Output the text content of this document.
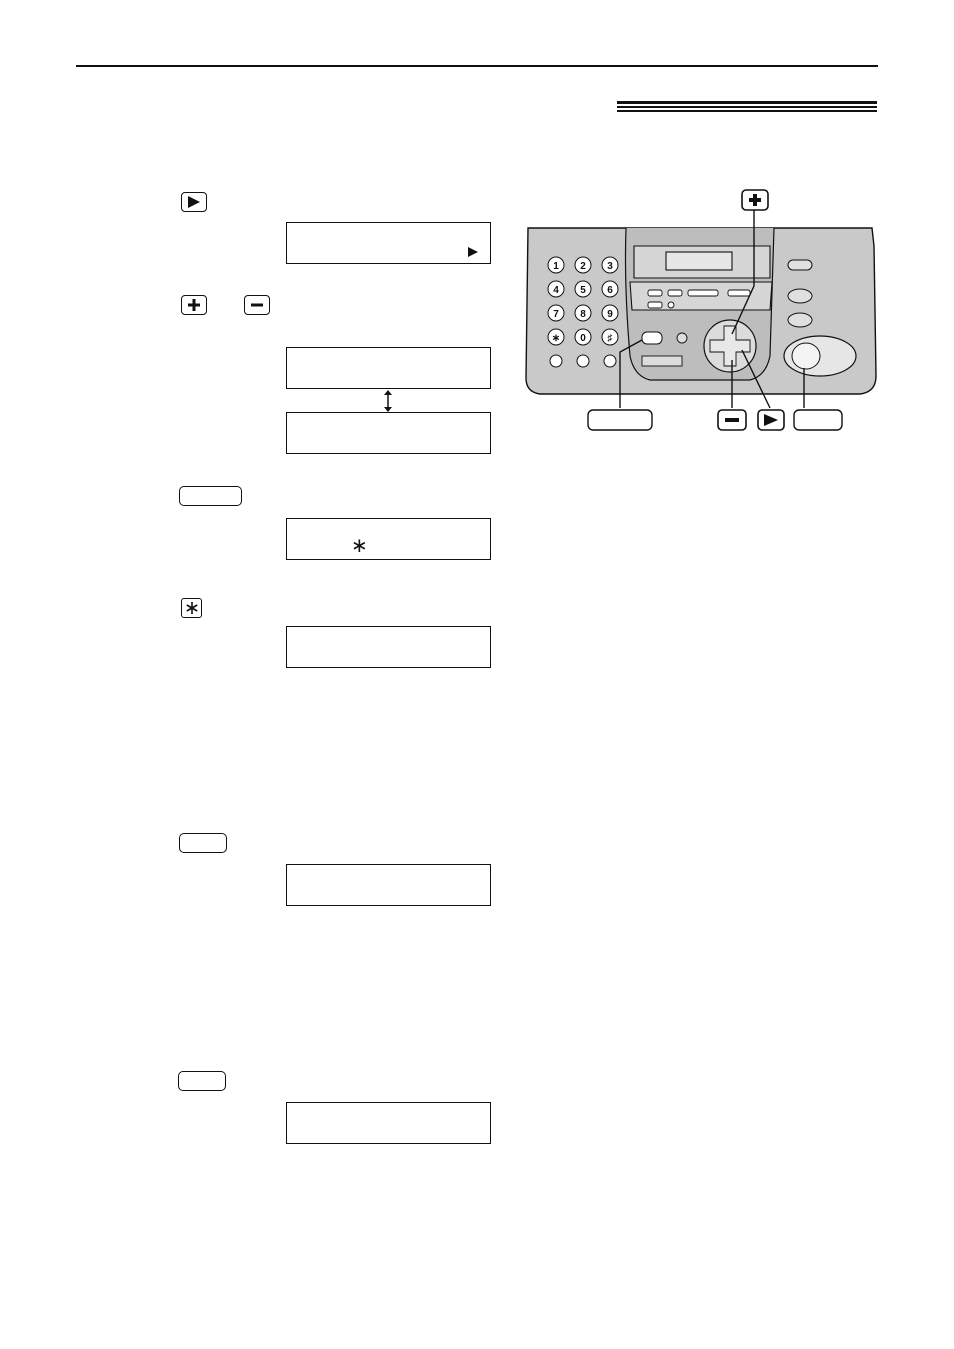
∗
1 2 3
4 5 6
7 8 9
∗ 0 ♯
